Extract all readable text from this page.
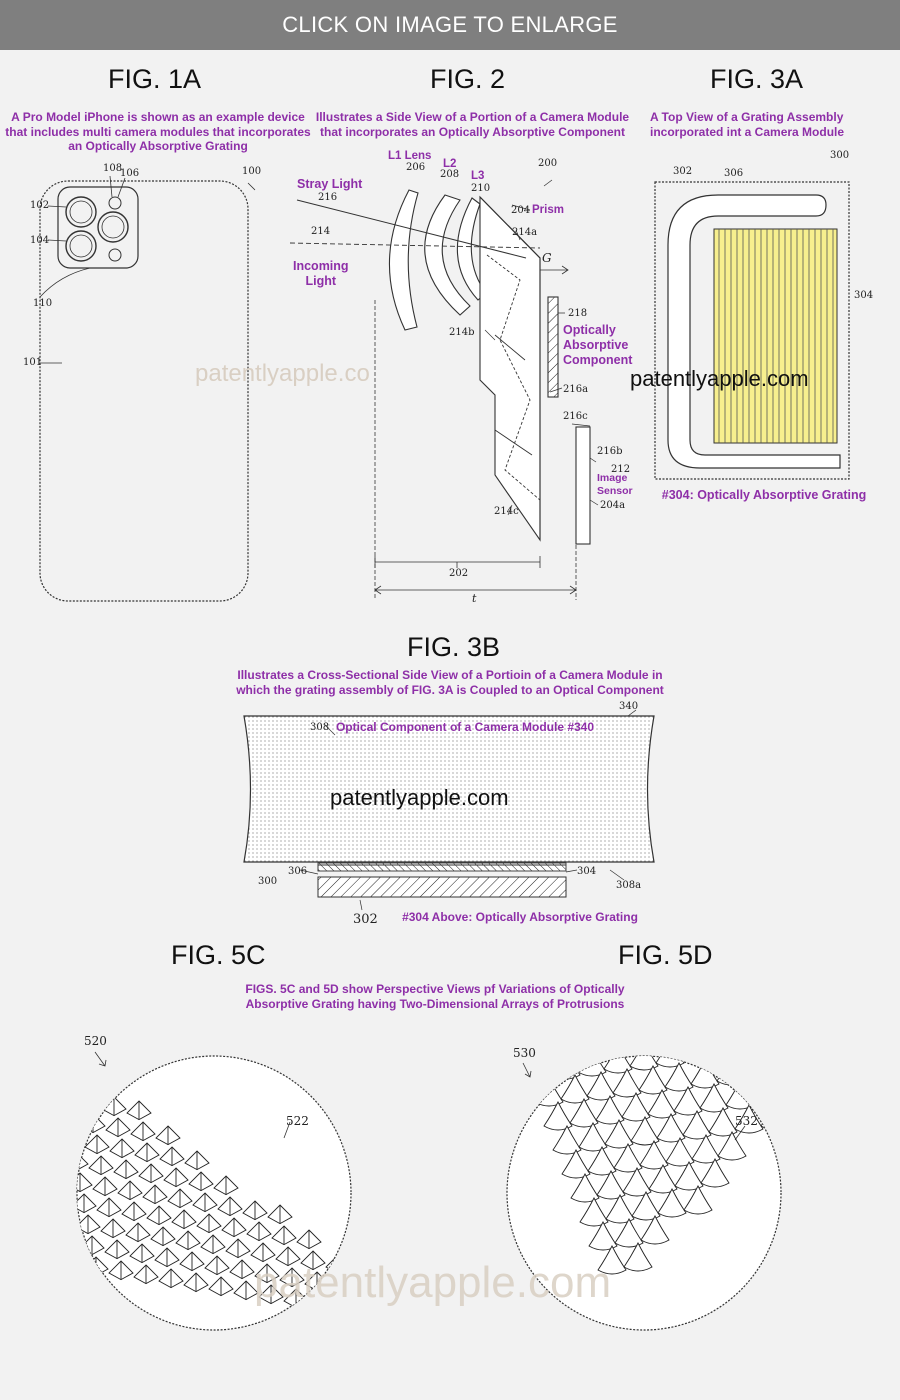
CLICK ON IMAGE TO ENLARGE
FIG. 1A
A Pro Model iPhone is shown as an example device
that includes multi camera modules that incorporates
an Optically Absorptive Grating
100
108
106
102
104
110
101
FIG. 2
Illustrates a Side View of a Portion of a Camera Module
that incorporates an Optically Absorptive Component
L1 Lens
L2
L3
Stray Light
Incoming
Light
Prism
Optically
Absorptive
Component
Image
Sensor
G
t
200
206
208
210
216
204
214	214a
218
214b
216a
216c
216b
212
204a
214c
202
FIG. 3A
A Top View of a Grating Assembly
incorporated int a Camera Module
300
302	306
304
#304: Optically Absorptive Grating
FIG. 3B
Illustrates a Cross-Sectional Side View of a Portioin of a Camera Module in
which the grating assembly of FIG. 3A is Coupled to an Optical Component
340
308 Optical Component of a Camera Module #340
306	304
300	308a
302 #304 Above: Optically Absorptive Grating
FIG. 5C	FIG. 5D
FIGS. 5C and 5D show Perspective Views pf Variations of Optically
Absorptive Grating having Two-Dimensional Arrays of Protrusions
520
522
530
532
patentlyapple.co	patentlyapple.com
patentlyapple.com
patentlyapple.com
